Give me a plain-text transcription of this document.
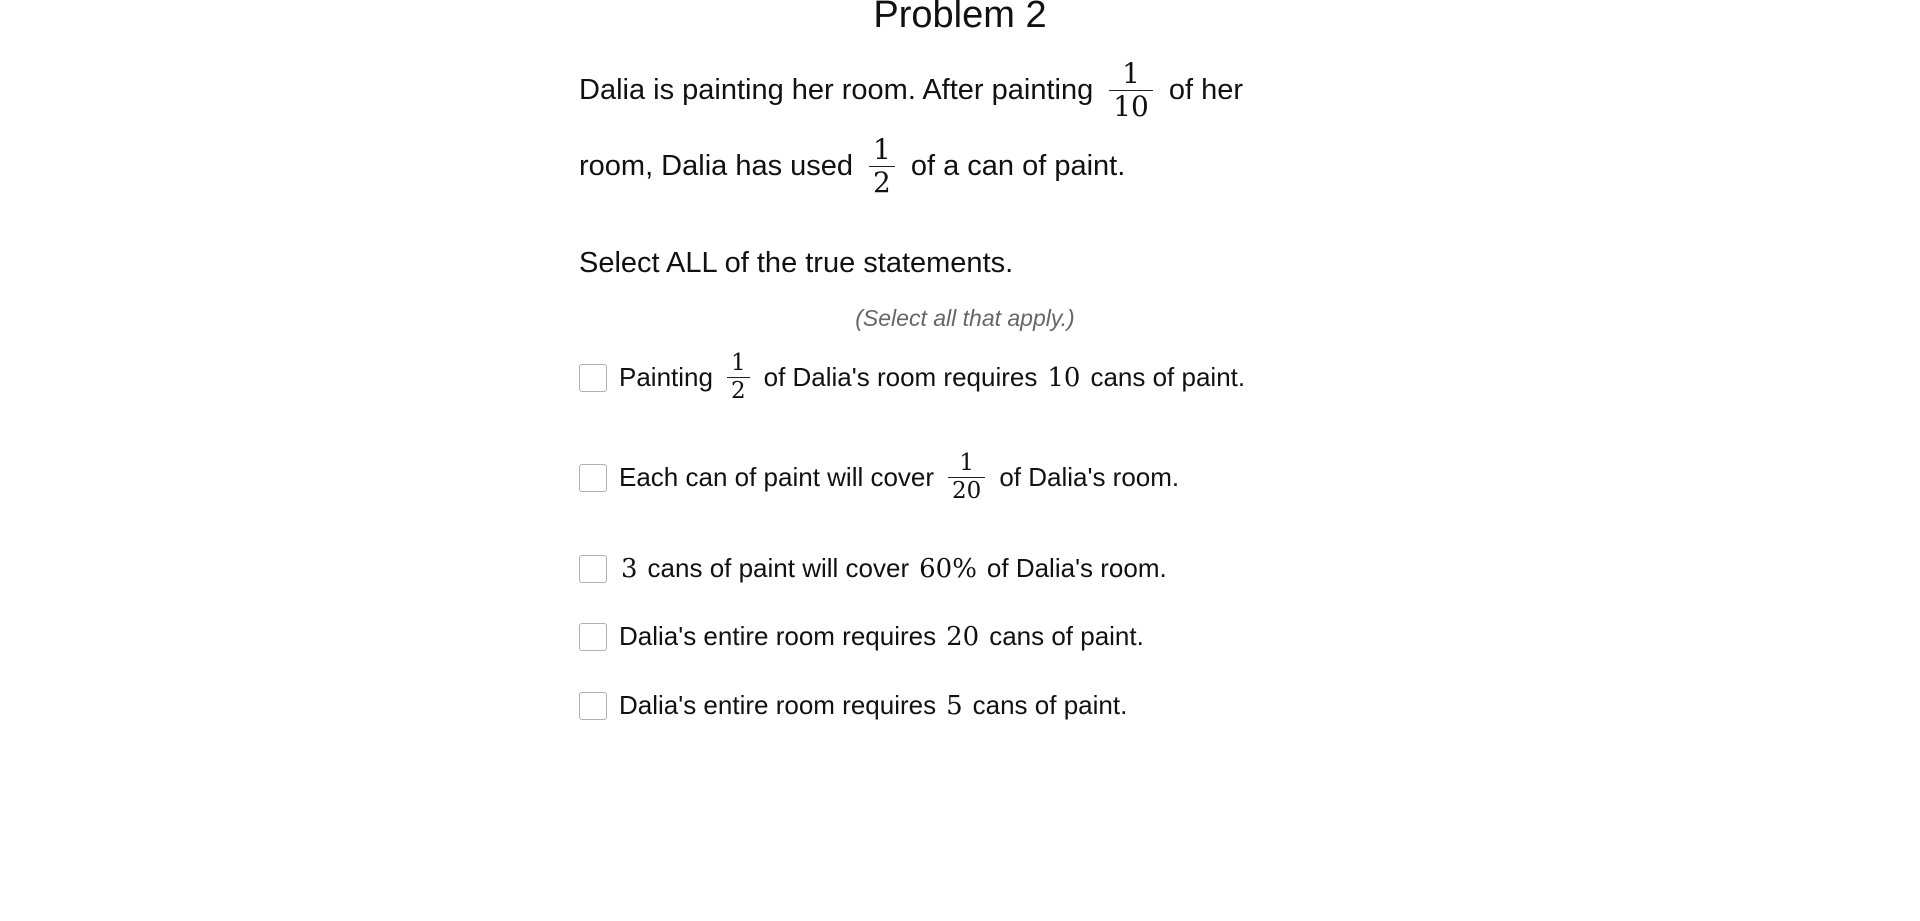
Problem 2
Dalia is painting her room. After painting $\frac{1}{10}$ of her
room, Dalia has used $\frac{1}{2}$ of a can of paint.
Select ALL of the true statements.
(Select all that apply.)
Painting $\frac{1}{2}$ of Dalia's room requires 10 cans of paint.
Each can of paint will cover $\frac{1}{20}$ of Dalia's room.
3 cans of paint will cover 60% of Dalia's room.
Dalia's entire room requires 20 cans of paint.
Dalia's entire room requires 5 cans of paint.
